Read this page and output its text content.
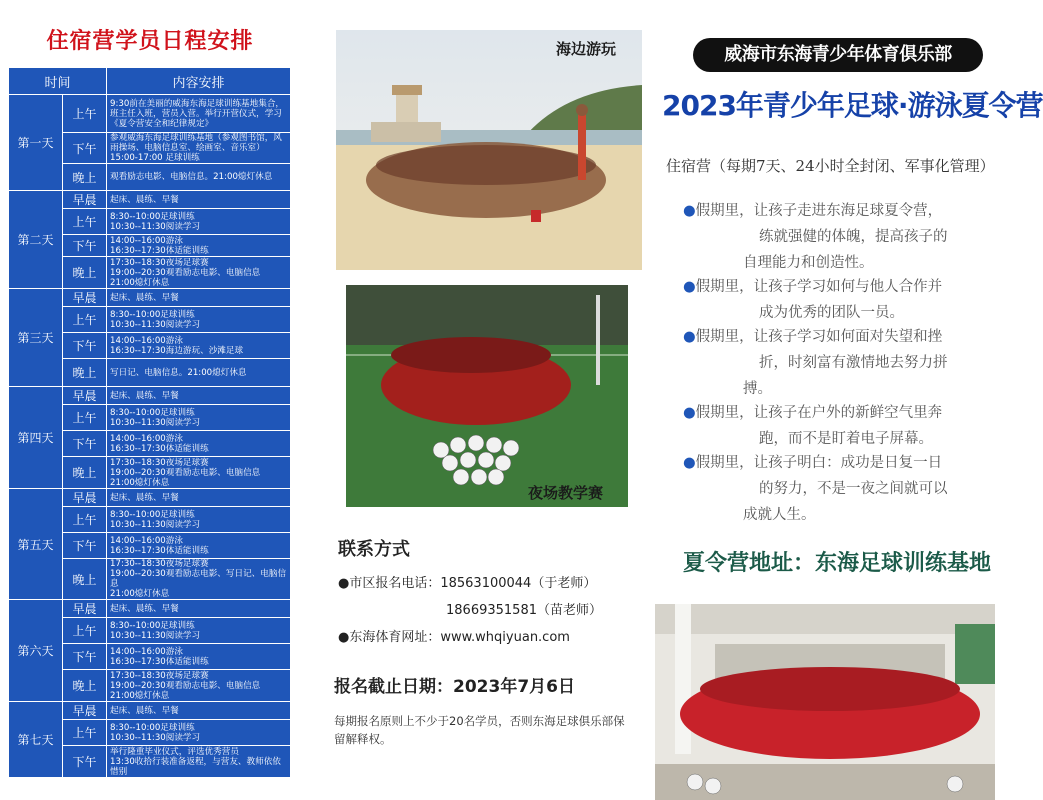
住宿营学员日程安排
时间		内容安排
第一天	上午	9:30前在美丽的威海东海足球训练基地集合，班主任入班，营员入营。举行开营仪式，学习《夏令营安全和纪律规定》
	下午	参观威海东海足球训练基地（参观图书馆，风雨操场、电脑信息室、绘画室、音乐室）
15:00-17:00 足球训练
	晚上	观看励志电影、电脑信息。21:00熄灯休息
第二天	早晨	起床、晨练、早餐
	上午	8:30--10:00足球训练
10:30--11:30阅读学习
	下午	14:00--16:00游泳
16:30--17:30体适能训练
	晚上	17:30--18:30夜场足球赛
19:00--20:30观看励志电影、电脑信息
21:00熄灯休息
第三天	早晨	起床、晨练、早餐
	上午	8:30--10:00足球训练
10:30--11:30阅读学习
	下午	14:00--16:00游泳
16:30--17:30海边游玩、沙滩足球
	晚上	写日记、电脑信息。21:00熄灯休息
第四天	早晨	起床、晨练、早餐
	上午	8:30--10:00足球训练
10:30--11:30阅读学习
	下午	14:00--16:00游泳
16:30--17:30体适能训练
	晚上	17:30--18:30夜场足球赛
19:00--20:30观看励志电影、电脑信息
21:00熄灯休息
第五天	早晨	起床、晨练、早餐
	上午	8:30--10:00足球训练
10:30--11:30阅读学习
	下午	14:00--16:00游泳
16:30--17:30体适能训练
	晚上	17:30--18:30夜场足球赛
19:00--20:30观看励志电影、写日记、电脑信息
21:00熄灯休息
第六天	早晨	起床、晨练、早餐
	上午	8:30--10:00足球训练
10:30--11:30阅读学习
	下午	14:00--16:00游泳
16:30--17:30体适能训练
	晚上	17:30--18:30夜场足球赛
19:00--20:30观看励志电影、电脑信息
21:00熄灯休息
第七天	早晨	起床、晨练、早餐
	上午	8:30--10:00足球训练
10:30--11:30阅读学习
	下午	举行隆重毕业仪式，评选优秀营员
13:30收拾行装准备返程，与营友、教师依依惜别
海边游玩
夜场教学赛
联系方式
●市区报名电话：18563100044（于老师）
18669351581（苗老师）
●东海体育网址：www.whqiyuan.com
报名截止日期：2023年7月6日
每期报名原则上不少于20名学员，否则东海足球俱乐部保留解释权。
威海市东海青少年体育俱乐部
2023年青少年足球·游泳夏令营
住宿营（每期7天、24小时全封闭、军事化管理）
●假期里，让孩子走进东海足球夏令营，
练就强健的体魄，提高孩子的
自理能力和创造性。
●假期里，让孩子学习如何与他人合作并
成为优秀的团队一员。
●假期里，让孩子学习如何面对失望和挫
折，时刻富有激情地去努力拼
搏。
●假期里，让孩子在户外的新鲜空气里奔
跑，而不是盯着电子屏幕。
●假期里，让孩子明白：成功是日复一日
的努力，不是一夜之间就可以
成就人生。
夏令营地址：东海足球训练基地
